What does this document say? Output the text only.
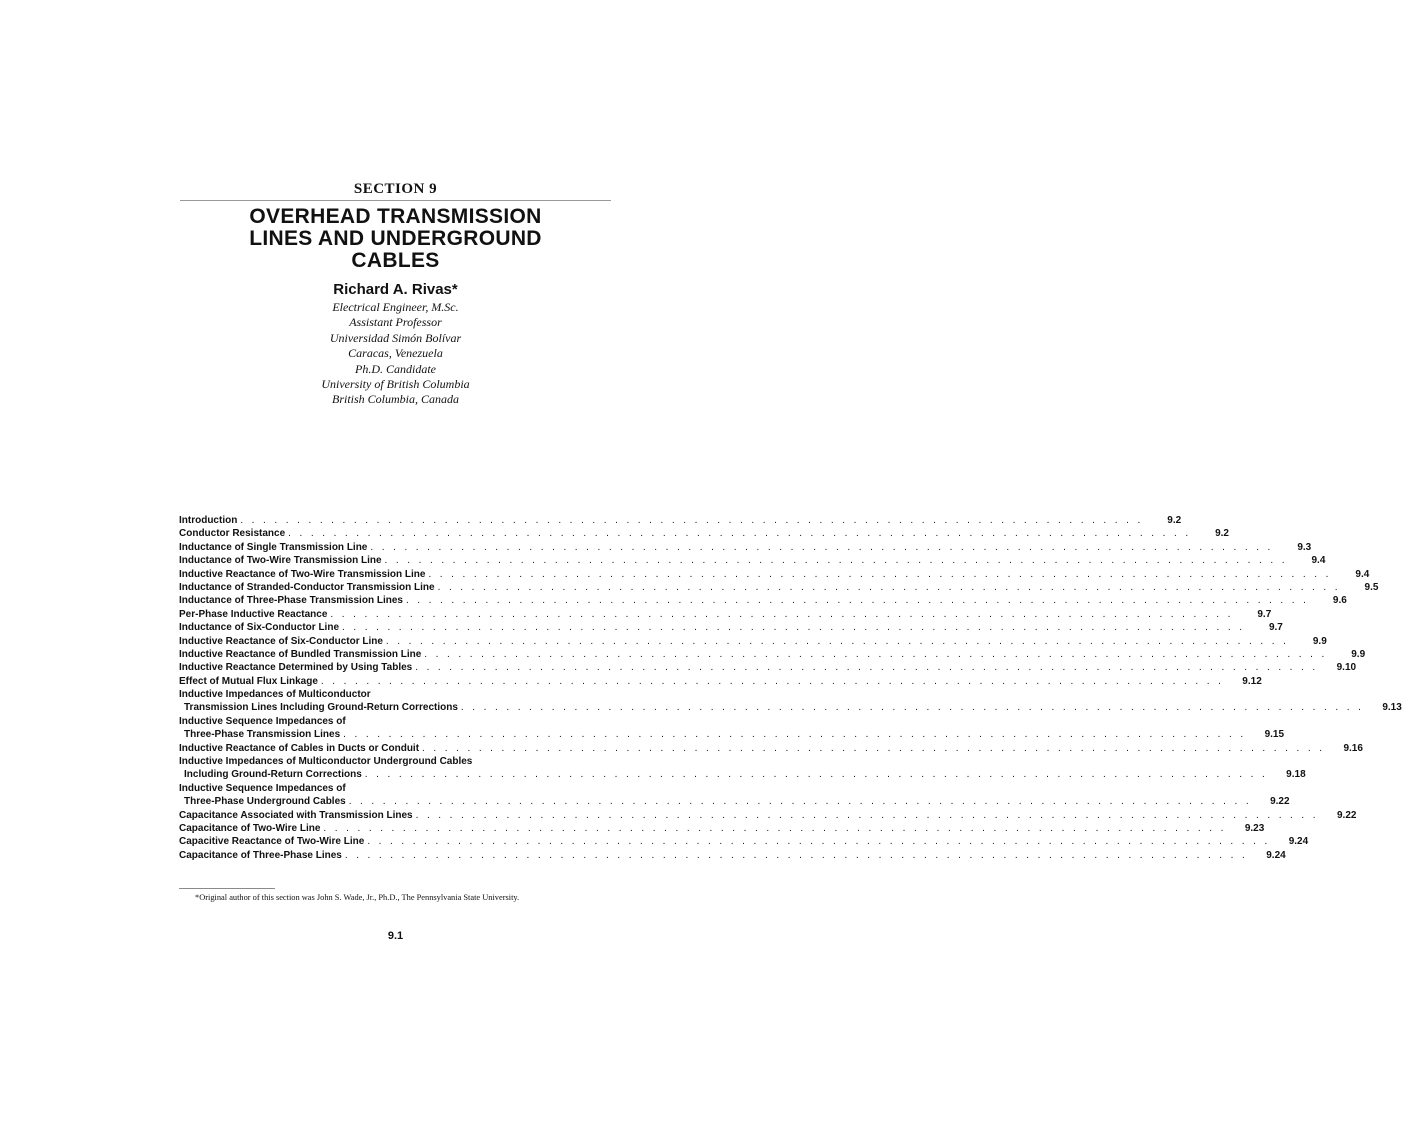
SECTION 9
OVERHEAD TRANSMISSION
LINES AND UNDERGROUND
CABLES
Richard A. Rivas*
Electrical Engineer, M.Sc.
Assistant Professor
Universidad Simón Bolívar
Caracas, Venezuela
Ph.D. Candidate
University of British Columbia
British Columbia, Canada
Introduction . . . . . . . . . . . . . . . . . . . . . . . . . . . . . . . . . . . . . . . . . . . . . . . . . . . . . . . . . . . . . . . . . . . . . . . . . . . . . . . .	9.2
Conductor Resistance . . . . . . . . . . . . . . . . . . . . . . . . . . . . . . . . . . . . . . . . . . . . . . . . . . . . . . . . . . . . . . . . . . . . . . . . . . . . . . . .	9.2
Inductance of Single Transmission Line . . . . . . . . . . . . . . . . . . . . . . . . . . . . . . . . . . . . . . . . . . . . . . . . . . . . . . . . . . . . . . . . . . . . . . . . . . . . . . . .	9.3
Inductance of Two-Wire Transmission Line . . . . . . . . . . . . . . . . . . . . . . . . . . . . . . . . . . . . . . . . . . . . . . . . . . . . . . . . . . . . . . . . . . . . . . . . . . . . . . . .	9.4
Inductive Reactance of Two-Wire Transmission Line . . . . . . . . . . . . . . . . . . . . . . . . . . . . . . . . . . . . . . . . . . . . . . . . . . . . . . . . . . . . . . . . . . . . . . . . . . . . . . . .	9.4
Inductance of Stranded-Conductor Transmission Line . . . . . . . . . . . . . . . . . . . . . . . . . . . . . . . . . . . . . . . . . . . . . . . . . . . . . . . . . . . . . . . . . . . . . . . . . . . . . . . .	9.5
Inductance of Three-Phase Transmission Lines . . . . . . . . . . . . . . . . . . . . . . . . . . . . . . . . . . . . . . . . . . . . . . . . . . . . . . . . . . . . . . . . . . . . . . . . . . . . . . . .	9.6
Per-Phase Inductive Reactance . . . . . . . . . . . . . . . . . . . . . . . . . . . . . . . . . . . . . . . . . . . . . . . . . . . . . . . . . . . . . . . . . . . . . . . . . . . . . . . .	9.7
Inductance of Six-Conductor Line . . . . . . . . . . . . . . . . . . . . . . . . . . . . . . . . . . . . . . . . . . . . . . . . . . . . . . . . . . . . . . . . . . . . . . . . . . . . . . . .	9.7
Inductive Reactance of Six-Conductor Line . . . . . . . . . . . . . . . . . . . . . . . . . . . . . . . . . . . . . . . . . . . . . . . . . . . . . . . . . . . . . . . . . . . . . . . . . . . . . . . .	9.9
Inductive Reactance of Bundled Transmission Line . . . . . . . . . . . . . . . . . . . . . . . . . . . . . . . . . . . . . . . . . . . . . . . . . . . . . . . . . . . . . . . . . . . . . . . . . . . . . . . .	9.9
Inductive Reactance Determined by Using Tables . . . . . . . . . . . . . . . . . . . . . . . . . . . . . . . . . . . . . . . . . . . . . . . . . . . . . . . . . . . . . . . . . . . . . . . . . . . . . . . .	9.10
Effect of Mutual Flux Linkage . . . . . . . . . . . . . . . . . . . . . . . . . . . . . . . . . . . . . . . . . . . . . . . . . . . . . . . . . . . . . . . . . . . . . . . . . . . . . . . .	9.12
Inductive Impedances of Multiconductor
Transmission Lines Including Ground-Return Corrections . . . . . . . . . . . . . . . . . . . . . . . . . . . . . . . . . . . . . . . . . . . . . . . . . . . . . . . . . . . . . . . . . . . . . . . . . . . . . . . .	9.13
Inductive Sequence Impedances of
Three-Phase Transmission Lines . . . . . . . . . . . . . . . . . . . . . . . . . . . . . . . . . . . . . . . . . . . . . . . . . . . . . . . . . . . . . . . . . . . . . . . . . . . . . . . .	9.15
Inductive Reactance of Cables in Ducts or Conduit . . . . . . . . . . . . . . . . . . . . . . . . . . . . . . . . . . . . . . . . . . . . . . . . . . . . . . . . . . . . . . . . . . . . . . . . . . . . . . . .	9.16
Inductive Impedances of Multiconductor Underground Cables
Including Ground-Return Corrections . . . . . . . . . . . . . . . . . . . . . . . . . . . . . . . . . . . . . . . . . . . . . . . . . . . . . . . . . . . . . . . . . . . . . . . . . . . . . . . .	9.18
Inductive Sequence Impedances of
Three-Phase Underground Cables . . . . . . . . . . . . . . . . . . . . . . . . . . . . . . . . . . . . . . . . . . . . . . . . . . . . . . . . . . . . . . . . . . . . . . . . . . . . . . . .	9.22
Capacitance Associated with Transmission Lines . . . . . . . . . . . . . . . . . . . . . . . . . . . . . . . . . . . . . . . . . . . . . . . . . . . . . . . . . . . . . . . . . . . . . . . . . . . . . . . .	9.22
Capacitance of Two-Wire Line . . . . . . . . . . . . . . . . . . . . . . . . . . . . . . . . . . . . . . . . . . . . . . . . . . . . . . . . . . . . . . . . . . . . . . . . . . . . . . . .	9.23
Capacitive Reactance of Two-Wire Line . . . . . . . . . . . . . . . . . . . . . . . . . . . . . . . . . . . . . . . . . . . . . . . . . . . . . . . . . . . . . . . . . . . . . . . . . . . . . . . .	9.24
Capacitance of Three-Phase Lines . . . . . . . . . . . . . . . . . . . . . . . . . . . . . . . . . . . . . . . . . . . . . . . . . . . . . . . . . . . . . . . . . . . . . . . . . . . . . . . .	9.24
*Original author of this section was John S. Wade, Jr., Ph.D., The Pennsylvania State University.
9.1
